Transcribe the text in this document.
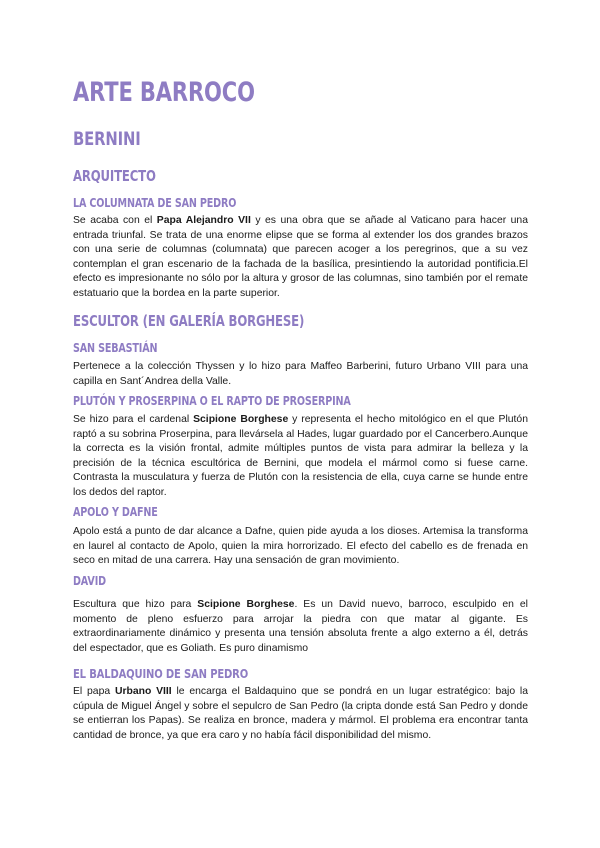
ARTE BARROCO
BERNINI
ARQUITECTO
LA COLUMNATA DE SAN PEDRO

Se acaba con el Papa Alejandro VII y es una obra que se añade al Vaticano para hacer una entrada triunfal. Se trata de una enorme elipse que se forma al extender los dos grandes brazos con una serie de columnas (columnata) que parecen acoger a los peregrinos, que a su vez contemplan el gran escenario de la fachada de la basílica, presintiendo la autoridad pontificia.El efecto es impresionante no sólo por la altura y grosor de las columnas, sino también por el remate estatuario que la bordea en la parte superior.

ESCULTOR (EN GALERÍA BORGHESE)
SAN SEBASTIÁN

Pertenece a la colección Thyssen y lo hizo para Maffeo Barberini, futuro Urbano VIII para una capilla en Sant´Andrea della Valle.

PLUTÓN Y PROSERPINA O EL RAPTO DE PROSERPINA

Se hizo para el cardenal Scipione Borghese y representa el hecho mitológico en el que Plutón raptó a su sobrina Proserpina, para llevársela al Hades, lugar guardado por el Cancerbero.Aunque la correcta es la visión frontal, admite múltiples puntos de vista para admirar la belleza y la precisión de la técnica escultórica de Bernini, que modela el mármol como si fuese carne. Contrasta la musculatura y fuerza de Plutón con la resistencia de ella, cuya carne se hunde entre los dedos del raptor.

APOLO Y DAFNE

Apolo está a punto de dar alcance a Dafne, quien pide ayuda a los dioses. Artemisa la transforma en laurel al contacto de Apolo, quien la mira horrorizado. El efecto del cabello es de frenada en seco en mitad de una carrera. Hay una sensación de gran movimiento.

DAVID

Escultura que hizo para Scipione Borghese. Es un David nuevo, barroco, esculpido en el momento de pleno esfuerzo para arrojar la piedra con que matar al gigante. Es extraordinariamente dinámico y presenta una tensión absoluta frente a algo externo a él, detrás del espectador, que es Goliath. Es puro dinamismo

EL BALDAQUINO DE SAN PEDRO

El papa Urbano VIII le encarga el Baldaquino que se pondrá en un lugar estratégico: bajo la cúpula de Miguel Ángel y sobre el sepulcro de San Pedro (la cripta donde está San Pedro y donde se entierran los Papas). Se realiza en bronce, madera y mármol. El problema era encontrar tanta cantidad de bronce, ya que era caro y no había fácil disponibilidad del mismo.
